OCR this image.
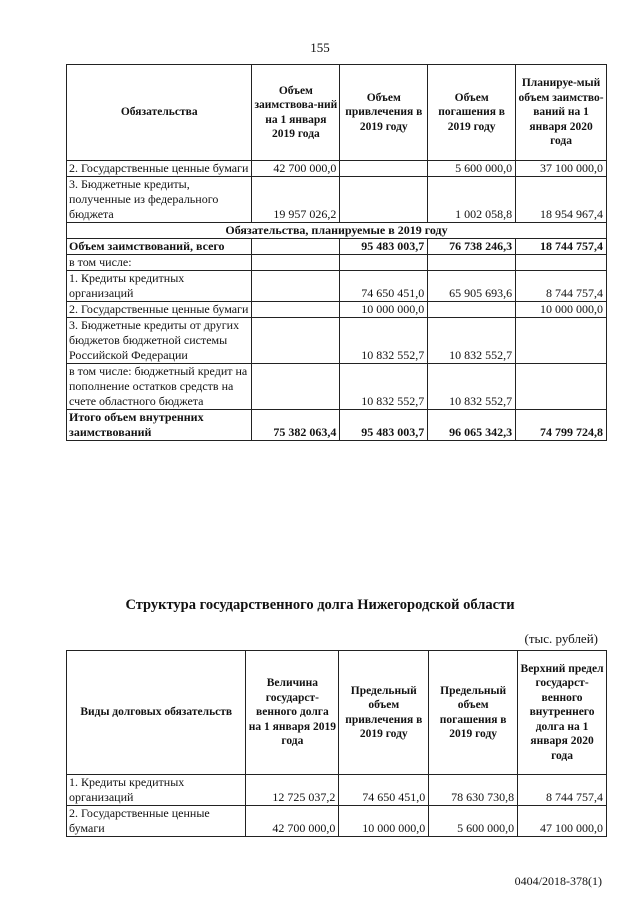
155
Обязательства	Объем заимствова-ний на 1 января 2019 года	Объем привлечения в 2019 году	Объем погашения в 2019 году	Планируе-мый объем заимство-ваний на 1 января 2020 года
2. Государственные ценные бумаги	42 700 000,0		5 600 000,0	37 100 000,0
3. Бюджетные кредиты, полученные из федерального бюджета	19 957 026,2		1 002 058,8	18 954 967,4
Обязательства, планируемые в 2019 году				
Объем заимствований, всего		95 483 003,7	76 738 246,3	18 744 757,4
в том числе:				
1. Кредиты кредитных организаций		74 650 451,0	65 905 693,6	8 744 757,4
2. Государственные ценные бумаги		10 000 000,0		10 000 000,0
3. Бюджетные кредиты от других бюджетов бюджетной системы Российской Федерации		10 832 552,7	10 832 552,7	
в том числе: бюджетный кредит на пополнение остатков средств на счете областного бюджета		10 832 552,7	10 832 552,7	
Итого объем внутренних заимствований	75 382 063,4	95 483 003,7	96 065 342,3	74 799 724,8
Структура государственного долга Нижегородской области
(тыс. рублей)
Виды долговых обязательств	Величина государст-венного долга на 1 января 2019 года	Предельный объем привлечения в 2019 году	Предельный объем погашения в 2019 году	Верхний предел государст-венного внутреннего долга на 1 января 2020 года
1. Кредиты кредитных организаций	12 725 037,2	74 650 451,0	78 630 730,8	8 744 757,4
2. Государственные ценные бумаги	42 700 000,0	10 000 000,0	5 600 000,0	47 100 000,0
0404/2018-378(1)
